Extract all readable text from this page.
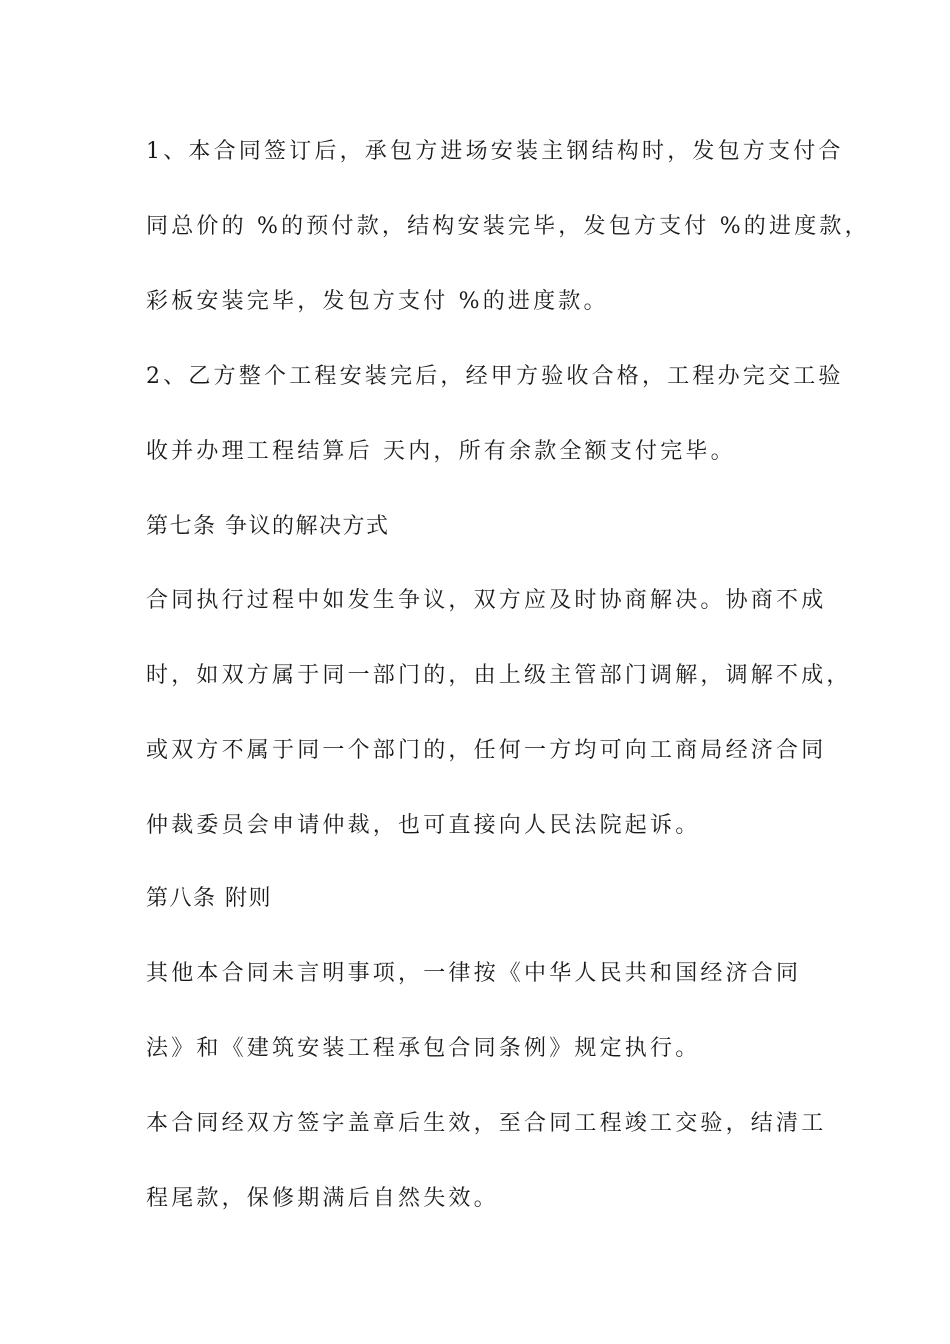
1、本合同签订后，承包方进场安装主钢结构时，发包方支付合
同总价的 %的预付款，结构安装完毕，发包方支付 %的进度款，
彩板安装完毕，发包方支付 %的进度款。
2、乙方整个工程安装完后，经甲方验收合格，工程办完交工验
收并办理工程结算后 天内，所有余款全额支付完毕。
第七条 争议的解决方式
合同执行过程中如发生争议，双方应及时协商解决。协商不成
时，如双方属于同一部门的，由上级主管部门调解，调解不成，
或双方不属于同一个部门的，任何一方均可向工商局经济合同
仲裁委员会申请仲裁，也可直接向人民法院起诉。
第八条 附则
其他本合同未言明事项，一律按《中华人民共和国经济合同
法》和《建筑安装工程承包合同条例》规定执行。
本合同经双方签字盖章后生效，至合同工程竣工交验，结清工
程尾款，保修期满后自然失效。
